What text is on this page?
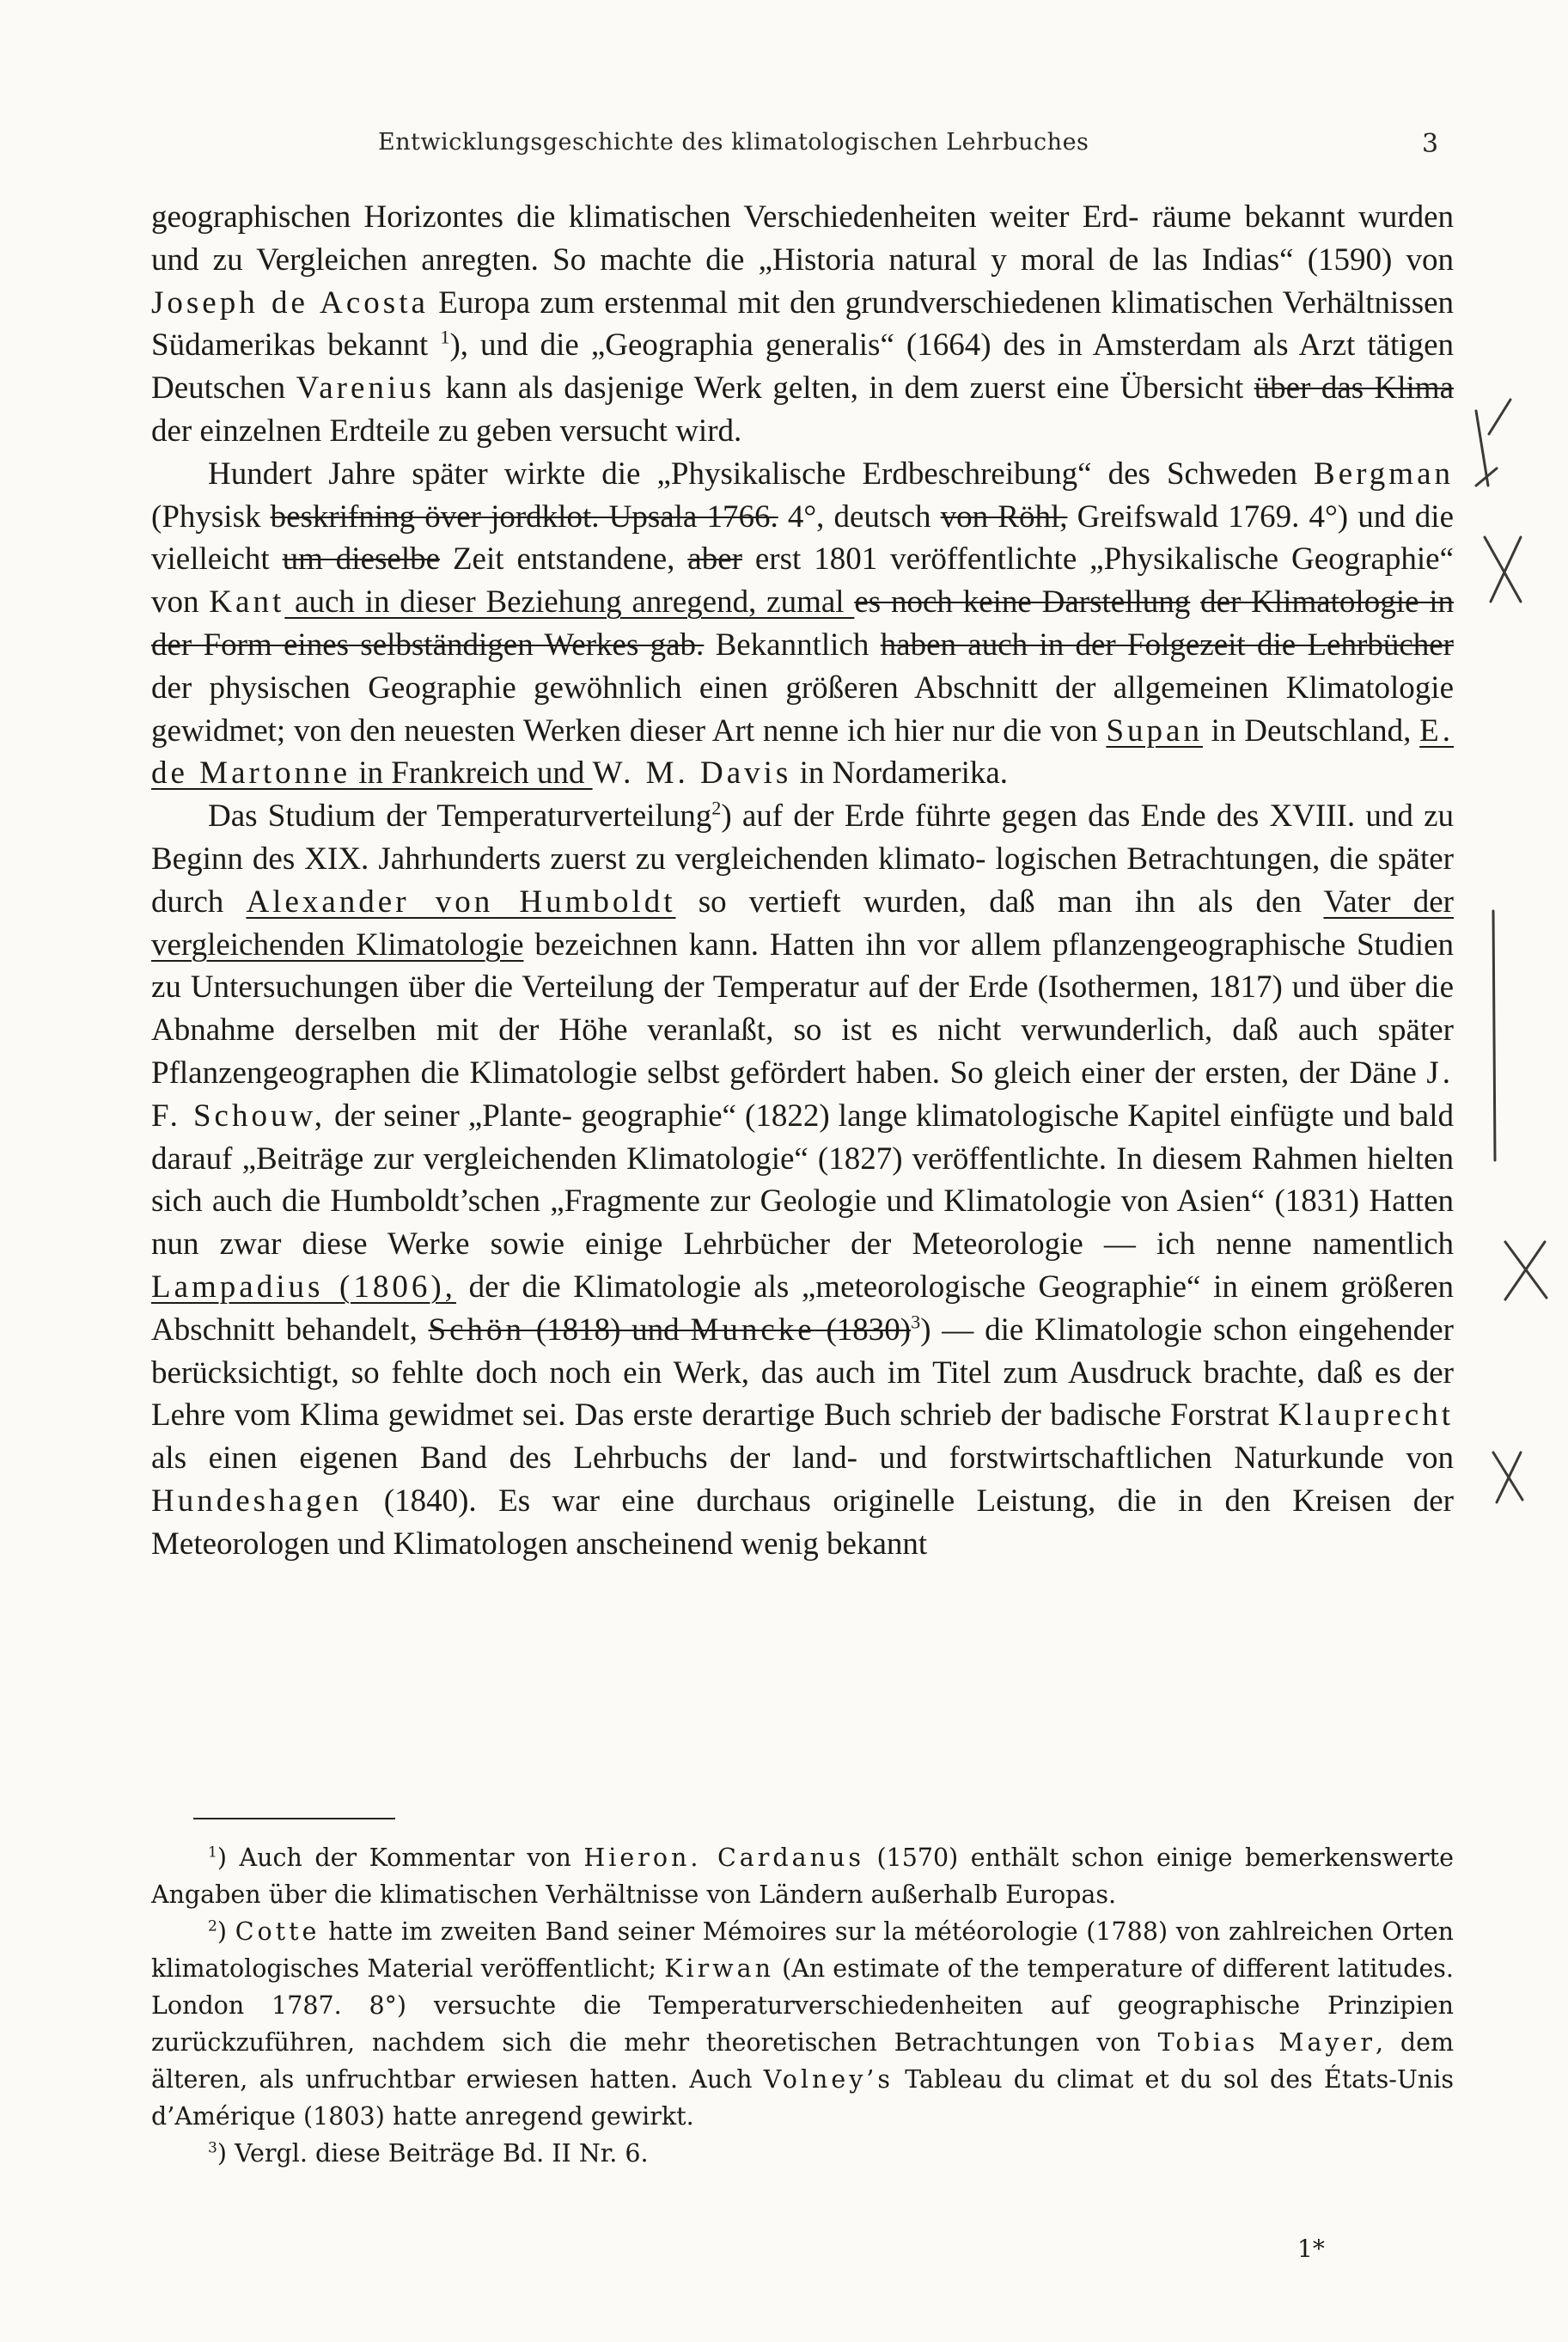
Entwicklungsgeschichte des klimatologischen Lehrbuches	3

geographischen Horizontes die klimatischen Verschiedenheiten weiter Erd- räume bekannt wurden und zu Vergleichen anregten. So machte die „Historia natural y moral de las Indias“ (1590) von Joseph de Acosta Europa zum erstenmal mit den grundverschiedenen klimatischen Verhältnissen Südamerikas bekannt $^1$), und die „Geographia generalis“ (1664) des in Amsterdam als Arzt tätigen Deutschen Varenius kann als dasjenige Werk gelten, in dem zuerst eine Übersicht über das Klima der einzelnen Erdteile zu geben versucht wird.

Hundert Jahre später wirkte die „Physikalische Erdbeschreibung“ des Schweden Bergman (Physisk beskrifning över jordklot. Upsala 1766. 4°, deutsch von Röhl, Greifswald 1769. 4°) und die vielleicht um dieselbe Zeit entstandene, aber erst 1801 veröffentlichte „Physikalische Geographie“ von Kant auch in dieser Beziehung anregend, zumal es noch keine Darstellung der Klimatologie in der Form eines selbständigen Werkes gab. Bekanntlich haben auch in der Folgezeit die Lehrbücher der physischen Geographie gewöhnlich einen größeren Abschnitt der allgemeinen Klimatologie gewidmet; von den neuesten Werken dieser Art nenne ich hier nur die von Supan in Deutschland, E. de Martonne in Frankreich und W. M. Davis in Nordamerika.

Das Studium der Temperaturverteilung$^2$) auf der Erde führte gegen das Ende des XVIII. und zu Beginn des XIX. Jahrhunderts zuerst zu vergleichenden klimato- logischen Betrachtungen, die später durch Alexander von Humboldt so vertieft wurden, daß man ihn als den Vater der vergleichenden Klimatologie bezeichnen kann. Hatten ihn vor allem pflanzengeographische Studien zu Untersuchungen über die Verteilung der Temperatur auf der Erde (Isothermen, 1817) und über die Abnahme derselben mit der Höhe veranlaßt, so ist es nicht verwunderlich, daß auch später Pflanzengeographen die Klimatologie selbst gefördert haben. So gleich einer der ersten, der Däne J. F. Schouw, der seiner „Plante- geographie“ (1822) lange klimatologische Kapitel einfügte und bald darauf „Beiträge zur vergleichenden Klimatologie“ (1827) veröffentlichte. In diesem Rahmen hielten sich auch die Humboldt’schen „Fragmente zur Geologie und Klimatologie von Asien“ (1831) Hatten nun zwar diese Werke sowie einige Lehrbücher der Meteorologie — ich nenne namentlich Lampadius (1806), der die Klimatologie als „meteorologische Geographie“ in einem größeren Abschnitt behandelt, Schön (1818) und Muncke $(1830)^3$) — die Klimatologie schon eingehender berücksichtigt, so fehlte doch noch ein Werk, das auch im Titel zum Ausdruck brachte, daß es der Lehre vom Klima gewidmet sei. Das erste derartige Buch schrieb der badische Forstrat Klauprecht als einen eigenen Band des Lehrbuchs der land- und forstwirtschaftlichen Naturkunde von Hundeshagen (1840). Es war eine durchaus originelle Leistung, die in den Kreisen der Meteorologen und Klimatologen anscheinend wenig bekannt

$^1$) Auch der Kommentar von Hieron. Cardanus (1570) enthält schon einige bemerkenswerte Angaben über die klimatischen Verhältnisse von Ländern außerhalb Europas.

$^2$) Cotte hatte im zweiten Band seiner Mémoires sur la météorologie (1788) von zahlreichen Orten klimatologisches Material veröffentlicht; Kirwan (An estimate of the temperature of different latitudes. London 1787. 8°) versuchte die Temperaturverschiedenheiten auf geographische Prinzipien zurückzuführen, nachdem sich die mehr theoretischen Betrachtungen von Tobias Mayer, dem älteren, als unfruchtbar erwiesen hatten. Auch Volney’s Tableau du climat et du sol des États-Unis d’Amérique (1803) hatte anregend gewirkt.

$^3$) Vergl. diese Beiträge Bd. II Nr. 6.

1*
